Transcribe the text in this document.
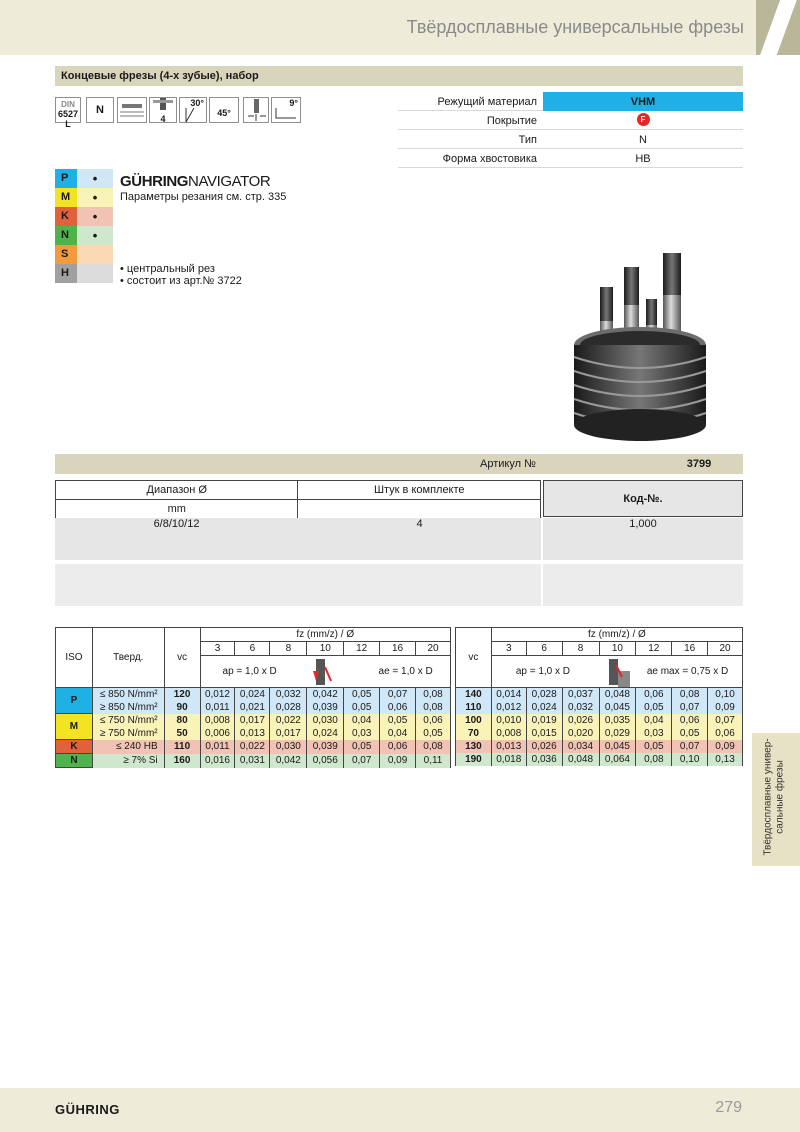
Твёрдосплавные универсальные фрезы
Концевые фрезы (4-х зубые), набор
DIN
6527 L
N
4
30°
45°
9°	Режущий материал	VHM
Покрытие	F
Тип	N
Форма хвостовика	HB
P	•
M	•
K	•
N	•
S
H
GÜHRINGNAVIGATOR
Параметры резания см. стр. 335
• центральный рез
• состоит из арт.№ 3722
Артикул №	3799
Диапазон Ø	Штук в комплекте
mm	
Код-№.
6/8/10/12	4	1,000
ISO	Тверд.	vc	fz (mm/z) / Ø						
			3	6	8	10	12	16	20

			ap = 1,0 x D ae = 1,0 x D						

P	≤ 850 N/mm²	120	0,012	0,024	0,032	0,042	0,05	0,07	0,08
	≥ 850 N/mm²	90	0,011	0,021	0,028	0,039	0,05	0,06	0,08
M	≤ 750 N/mm²	80	0,008	0,017	0,022	0,030	0,04	0,05	0,06
	≥ 750 N/mm²	50	0,006	0,013	0,017	0,024	0,03	0,04	0,05
K	≤ 240 HB	110	0,011	0,022	0,030	0,039	0,05	0,06	0,08
N	≥ 7% Si	160	0,016	0,031	0,042	0,056	0,07	0,09	0,11
vc	fz (mm/z) / Ø						
	3	6	8	10	12	16	20

	ap = 1,0 x D ae max = 0,75 x D						

140	0,014	0,028	0,037	0,048	0,06	0,08	0,10
110	0,012	0,024	0,032	0,045	0,05	0,07	0,09
100	0,010	0,019	0,026	0,035	0,04	0,06	0,07
70	0,008	0,015	0,020	0,029	0,03	0,05	0,06
130	0,013	0,026	0,034	0,045	0,05	0,07	0,09
190	0,018	0,036	0,048	0,064	0,08	0,10	0,13	Твёрдосплавные универ-сальные фрезы
GÜHRING	279
